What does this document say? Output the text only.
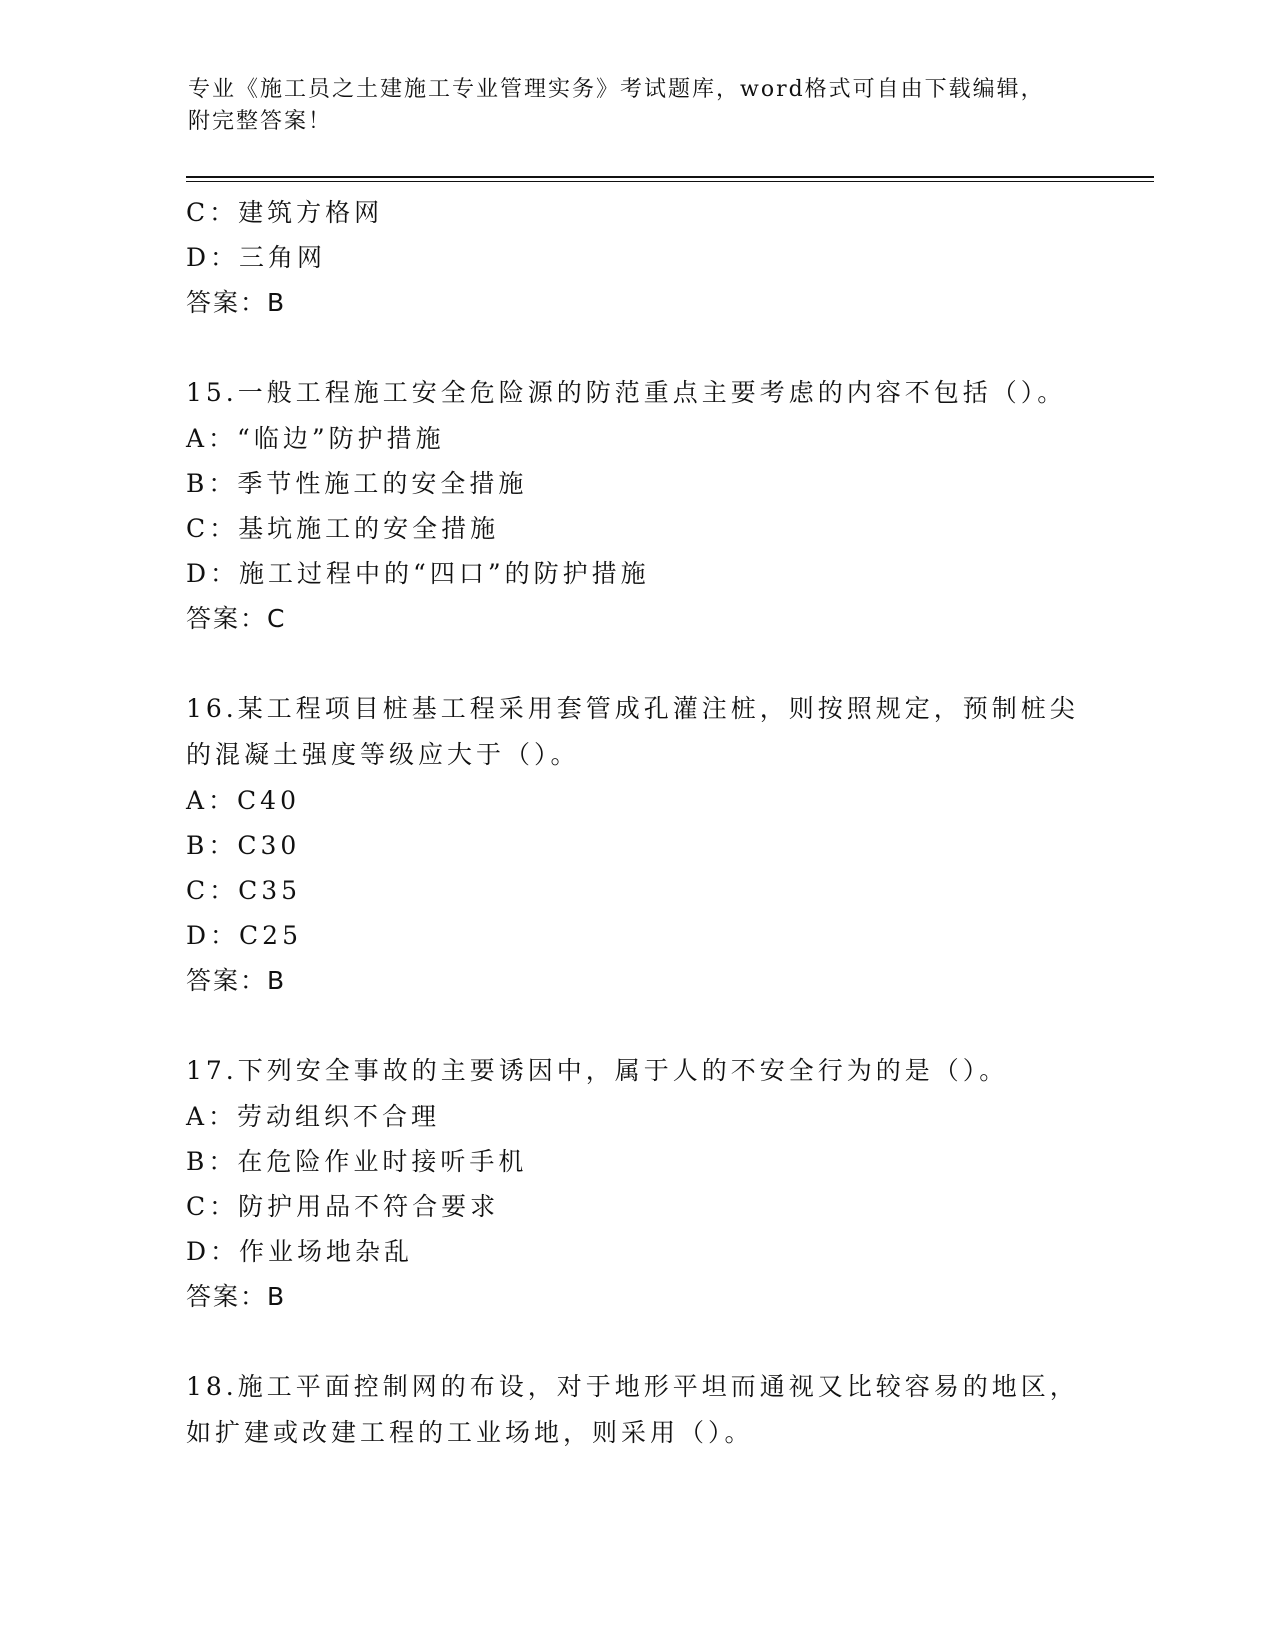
专业《施工员之土建施工专业管理实务》考试题库，word格式可自由下载编辑，
附完整答案！
C：建筑方格网
D：三角网
答案：B
15.一般工程施工安全危险源的防范重点主要考虑的内容不包括（）。
A：“临边”防护措施
B：季节性施工的安全措施
C：基坑施工的安全措施
D：施工过程中的“四口”的防护措施
答案：C
16.某工程项目桩基工程采用套管成孔灌注桩，则按照规定，预制桩尖
的混凝土强度等级应大于（）。
A：C40
B：C30
C：C35
D：C25
答案：B
17.下列安全事故的主要诱因中，属于人的不安全行为的是（）。
A：劳动组织不合理
B：在危险作业时接听手机
C：防护用品不符合要求
D：作业场地杂乱
答案：B
18.施工平面控制网的布设，对于地形平坦而通视又比较容易的地区，
如扩建或改建工程的工业场地，则采用（）。
